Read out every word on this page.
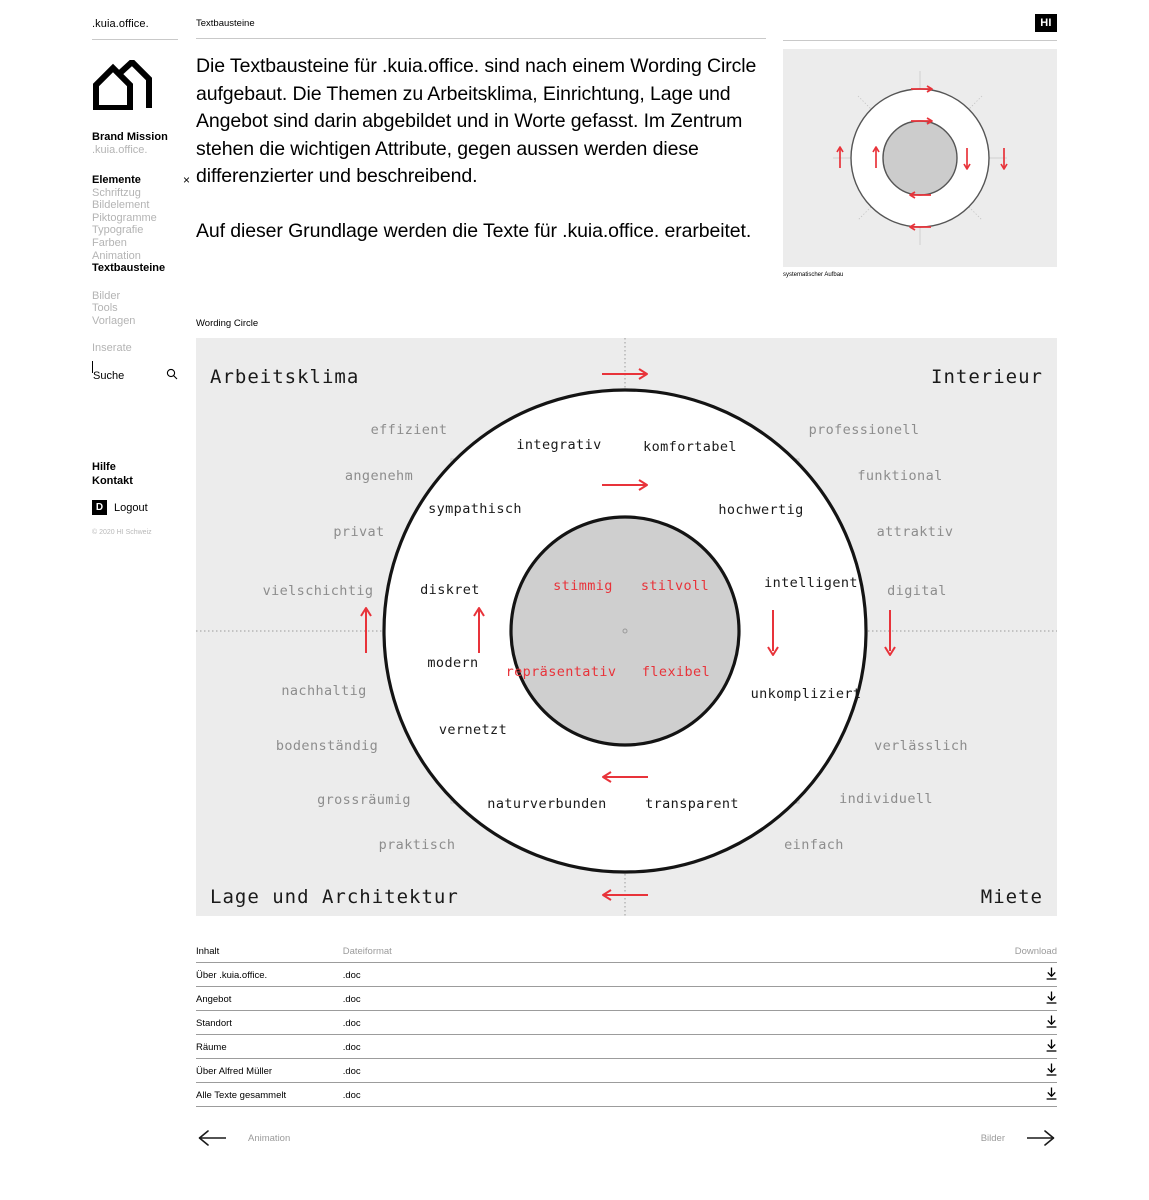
.kuia.office.
Brand Mission
.kuia.office.
Elemente	×
Schriftzug
Bildelement
Piktogramme
Typografie
Farben
Animation
Textbausteine
Bilder
Tools
Vorlagen
Inserate
Suche
Hilfe
Kontakt
D Logout
© 2020 HI Schweiz
Textbausteine

Die Textbausteine für .kuia.office. sind nach einem Wording Circle aufgebaut. Die Themen zu Arbeitsklima, Einrichtung, Lage und Angebot sind darin abgebildet und in Worte gefasst. Im Zentrum stehen die wichtigen Attribute, gegen aussen werden diese differenzierter und beschreibend.

Auf dieser Grundlage werden die Texte für .kuia.office. erarbeitet.

HI
systematischer Aufbau
Wording Circle
Arbeitsklima	Interieur
Lage und Architektur	Miete
stimmig stilvoll
repräsentativ flexibel
integrativ	komfortabel
sympathisch	hochwertig
diskret	intelligent
modern
unkompliziert
vernetzt
naturverbunden	transparent
effizient
angenehm
privat
vielschichtig
nachhaltig
bodenständig
grossräumig
praktisch
professionell
funktional
attraktiv
digital
verlässlich
individuell
einfach
Inhalt	Dateiformat	Download
Über .kuia.office.	.doc	
Angebot	.doc	
Standort	.doc	
Räume	.doc	
Über Alfred Müller	.doc	
Alle Texte gesammelt	.doc	
Animation	Bilder
